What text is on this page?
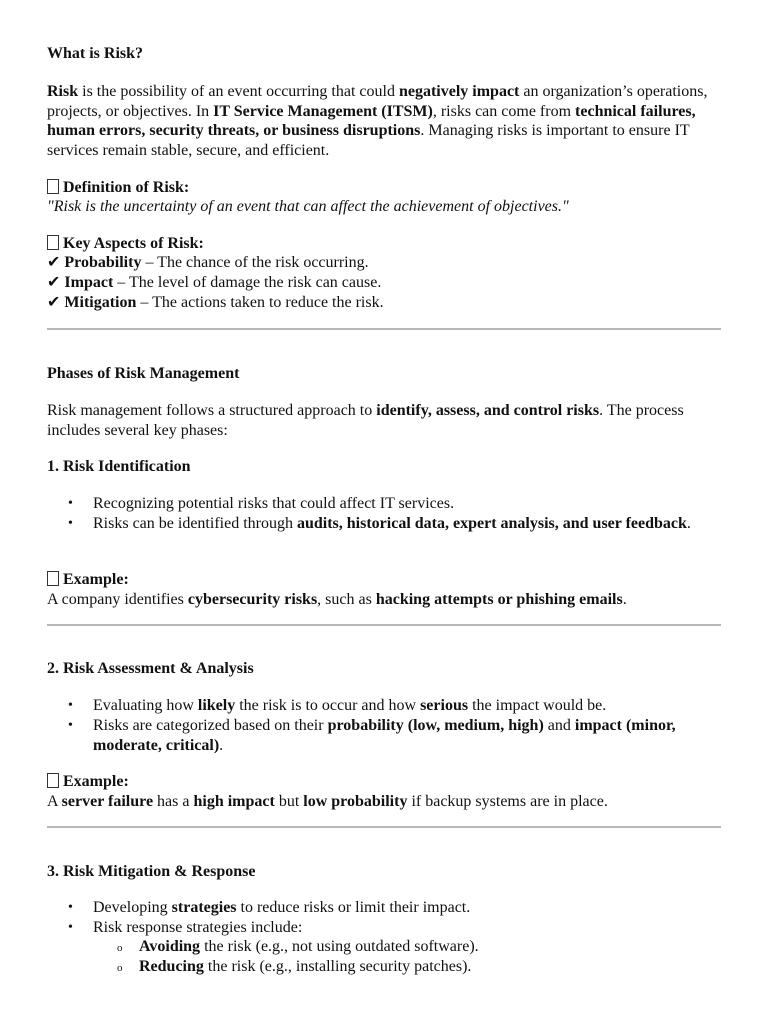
What is Risk?
Risk is the possibility of an event occurring that could negatively impact an organization’s operations, projects, or objectives. In IT Service Management (ITSM), risks can come from technical failures, human errors, security threats, or business disruptions. Managing risks is important to ensure IT services remain stable, secure, and efficient.
Definition of Risk:
"Risk is the uncertainty of an event that can affect the achievement of objectives."
Key Aspects of Risk:
✔ Probability – The chance of the risk occurring.
✔ Impact – The level of damage the risk can cause.
✔ Mitigation – The actions taken to reduce the risk.
Phases of Risk Management
Risk management follows a structured approach to identify, assess, and control risks. The process includes several key phases:
1. Risk Identification
• Recognizing potential risks that could affect IT services.
• Risks can be identified through audits, historical data, expert analysis, and user feedback.
Example:
A company identifies cybersecurity risks, such as hacking attempts or phishing emails.
2. Risk Assessment & Analysis
• Evaluating how likely the risk is to occur and how serious the impact would be.
• Risks are categorized based on their probability (low, medium, high) and impact (minor, moderate, critical).
Example:
A server failure has a high impact but low probability if backup systems are in place.
3. Risk Mitigation & Response
• Developing strategies to reduce risks or limit their impact.
• Risk response strategies include:
o Avoiding the risk (e.g., not using outdated software).
o Reducing the risk (e.g., installing security patches).
